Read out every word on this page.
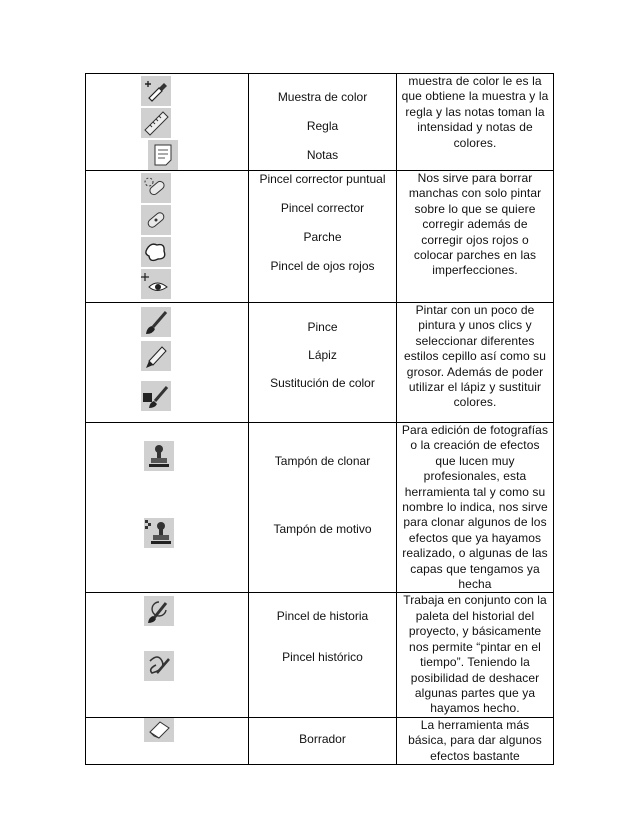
Muestra de color
Regla
Notas	muestra de color le es la que obtiene la muestra y la regla y las notas toman la intensidad y notas de colores.

Pincel corrector puntual
Pincel corrector
Parche
Pincel de ojos rojos	Nos sirve para borrar manchas con solo pintar sobre lo que se quiere corregir además de corregir ojos rojos o colocar parches en las imperfecciones.

Pince
Lápiz
Sustitución de color	Pintar con un poco de pintura y unos clics y seleccionar diferentes estilos cepillo así como su grosor. Además de poder utilizar el lápiz y sustituir colores.

Tampón de clonar
Tampón de motivo	Para edición de fotografías o la creación de efectos que lucen muy profesionales, esta herramienta tal y como su nombre lo indica, nos sirve para clonar algunos de los efectos que ya hayamos realizado, o algunas de las capas que tengamos ya hecha

Pincel de historia
Pincel histórico	Trabaja en conjunto con la paleta del historial del proyecto, y básicamente nos permite “pintar en el tiempo”. Teniendo la posibilidad de deshacer algunas partes que ya hayamos hecho.

Borrador	La herramienta más básica, para dar algunos efectos bastante
